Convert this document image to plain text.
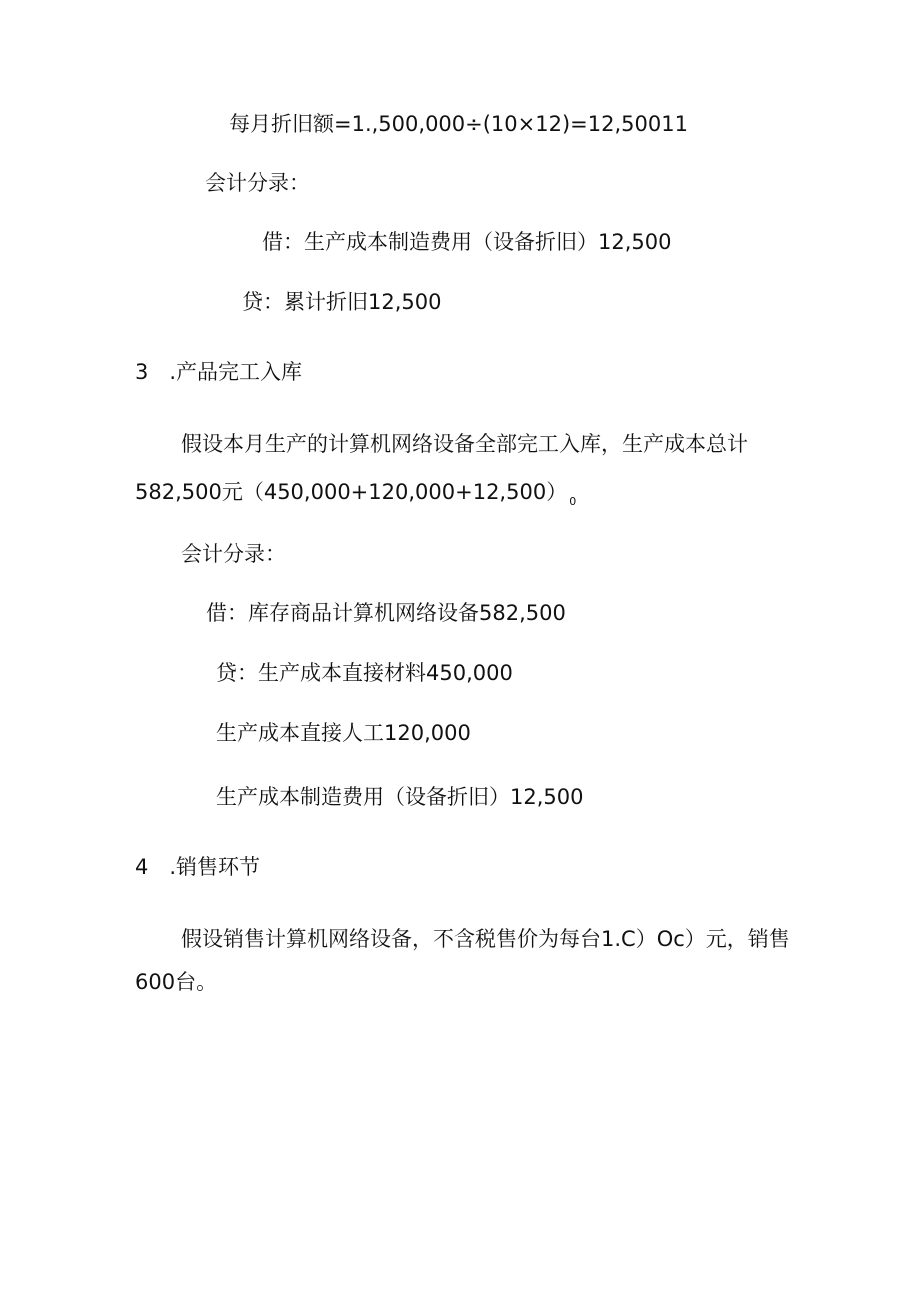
每月折旧额=1.,500,000÷(10×12)=12,50011
会计分录：
借：生产成本制造费用（设备折旧）12,500
贷：累计折旧12,500
3　.产品完工入库
假设本月生产的计算机网络设备全部完工入库，生产成本总计
582,500元（450,000+120,000+12,500） $_0$
会计分录：
借：库存商品计算机网络设备582,500
贷：生产成本直接材料450,000
生产成本直接人工120,000
生产成本制造费用（设备折旧）12,500
4　.销售环节
假设销售计算机网络设备，不含税售价为每台1.C）Oc）元，销售
600台。
